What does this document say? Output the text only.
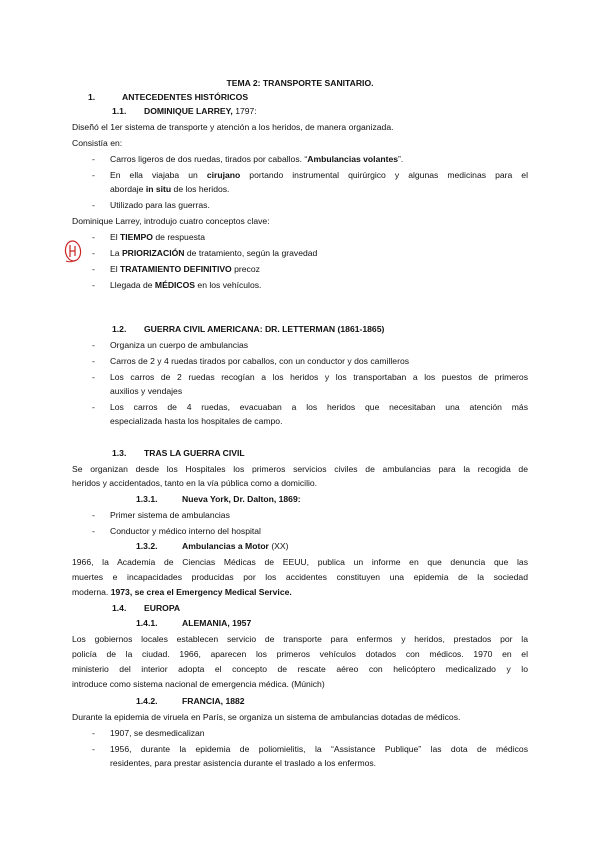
TEMA 2: TRANSPORTE SANITARIO.
1.	ANTECEDENTES HISTÓRICOS
1.1. DOMINIQUE LARREY, 1797:
Diseñó el 1er sistema de transporte y atención a los heridos, de manera organizada.
Consistía en:
- Carros ligeros de dos ruedas, tirados por caballos. “Ambulancias volantes”.
- En ella viajaba un cirujano portando instrumental quirúrgico y algunas medicinas para el
abordaje in situ de los heridos.
- Utilizado para las guerras.
Dominique Larrey, introdujo cuatro conceptos clave:
- El TIEMPO de respuesta
- La PRIORIZACIÓN de tratamiento, según la gravedad
- El TRATAMIENTO DEFINITIVO precoz
- Llegada de MÉDICOS en los vehículos.
1.2. GUERRA CIVIL AMERICANA: DR. LETTERMAN (1861-1865)
- Organiza un cuerpo de ambulancias
- Carros de 2 y 4 ruedas tirados por caballos, con un conductor y dos camilleros
- Los carros de 2 ruedas recogían a los heridos y los transportaban a los puestos de primeros
auxilios y vendajes
- Los carros de 4 ruedas, evacuaban a los heridos que necesitaban una atención más
especializada hasta los hospitales de campo.
1.3. TRAS LA GUERRA CIVIL
Se organizan desde los Hospitales los primeros servicios civiles de ambulancias para la recogida de
heridos y accidentados, tanto en la vía pública como a domicilio.
1.3.1.	Nueva York, Dr. Dalton, 1869:
- Primer sistema de ambulancias
- Conductor y médico interno del hospital
1.3.2.	Ambulancias a Motor (XX)
1966, la Academia de Ciencias Médicas de EEUU, publica un informe en que denuncia que las
muertes e incapacidades producidas por los accidentes constituyen una epidemia de la sociedad
moderna. 1973, se crea el Emergency Medical Service.
1.4. EUROPA
1.4.1.	ALEMANIA, 1957
Los gobiernos locales establecen servicio de transporte para enfermos y heridos, prestados por la
policía de la ciudad. 1966, aparecen los primeros vehículos dotados con médicos. 1970 en el
ministerio del interior adopta el concepto de rescate aéreo con helicóptero medicalizado y lo
introduce como sistema nacional de emergencia médica. (Múnich)
1.4.2.	FRANCIA, 1882
Durante la epidemia de viruela en París, se organiza un sistema de ambulancias dotadas de médicos.
- 1907, se desmedicalizan
- 1956, durante la epidemia de poliomielitis, la “Assistance Publique” las dota de médicos
residentes, para prestar asistencia durante el traslado a los enfermos.
